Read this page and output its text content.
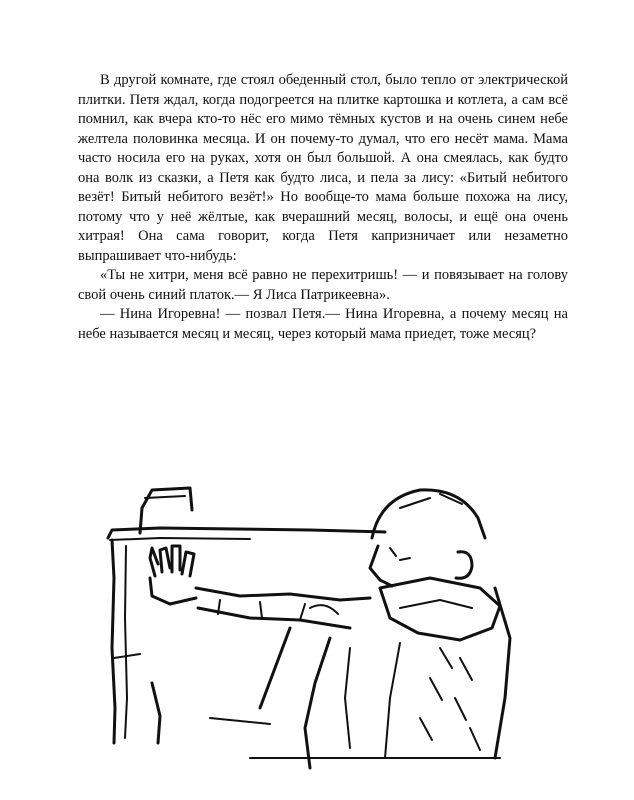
В другой комнате, где стоял обеденный стол, было тепло от электрической плитки. Петя ждал, когда подогреется на плитке картошка и котлета, а сам всё помнил, как вчера кто-то нёс его мимо тёмных кустов и на очень синем небе желтела половинка месяца. И он почему-то думал, что его несёт мама. Мама часто носила его на руках, хотя он был большой. А она смеялась, как будто она волк из сказки, а Петя как будто лиса, и пела за лису: «Битый небитого везёт! Битый небитого везёт!» Но вообще-то мама больше похожа на лису, потому что у неё жёлтые, как вчерашний месяц, волосы, и ещё она очень хитрая! Она сама говорит, когда Петя капризничает или незаметно выпрашивает что-нибудь:

«Ты не хитри, меня всё равно не перехитришь! — и повязывает на голову свой очень синий платок.— Я Лиса Патрикеевна».

— Нина Игоревна! — позвал Петя.— Нина Игоревна, а почему месяц на небе называется месяц и месяц, через который мама приедет, тоже месяц?
